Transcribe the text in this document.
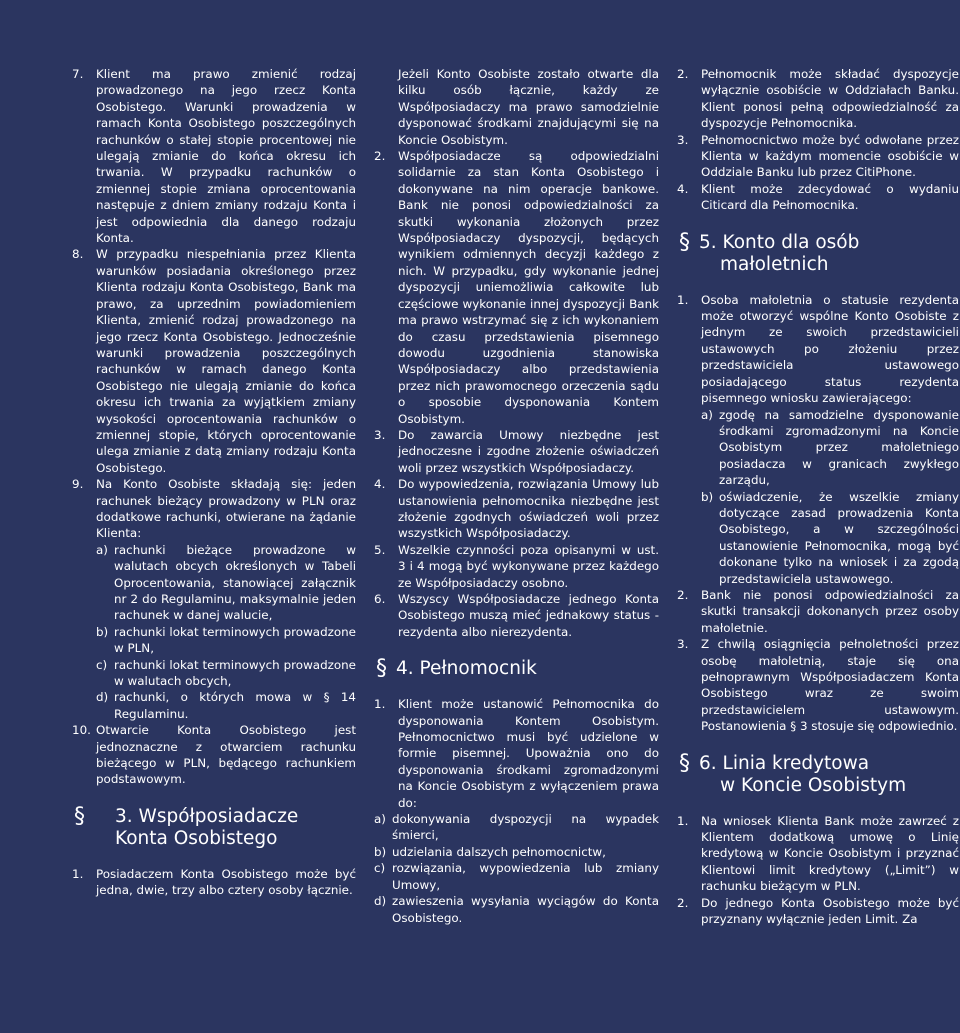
7. Klient ma prawo zmienić rodzaj prowadzonego na jego rzecz Konta Osobistego. Warunki prowadzenia w ramach Konta Osobistego poszczególnych rachunków o stałej stopie procentowej nie ulegają zmianie do końca okresu ich trwania. W przypadku rachunków o zmiennej stopie zmiana oprocentowania następuje z dniem zmiany rodzaju Konta i jest odpowiednia dla danego rodzaju Konta.
8. W przypadku niespełniania przez Klienta warunków posiadania określonego przez Klienta rodzaju Konta Osobistego, Bank ma prawo, za uprzednim powiadomieniem Klienta, zmienić rodzaj prowadzonego na jego rzecz Konta Osobistego. Jednocześnie warunki prowadzenia poszczególnych rachunków w ramach danego Konta Osobistego nie ulegają zmianie do końca okresu ich trwania za wyjątkiem zmiany wysokości oprocentowania rachunków o zmiennej stopie, których oprocentowanie ulega zmianie z datą zmiany rodzaju Konta Osobistego.
9. Na Konto Osobiste składają się: jeden rachunek bieżący prowadzony w PLN oraz dodatkowe rachunki, otwierane na żądanie Klienta:
a) rachunki bieżące prowadzone w walutach obcych określonych w Tabeli Oprocentowania, stanowiącej załącznik nr 2 do Regulaminu, maksymalnie jeden rachunek w danej walucie,
b) rachunki lokat terminowych prowadzone w PLN,
c) rachunki lokat terminowych prowadzone w walutach obcych,
d) rachunki, o których mowa w § 14 Regulaminu.
10. Otwarcie Konta Osobistego jest jednoznaczne z otwarciem rachunku bieżącego w PLN, będącego rachunkiem podstawowym.
§ 3. Współposiadacze
Konta Osobistego
1. Posiadaczem Konta Osobistego może być jedna, dwie, trzy albo cztery osoby łącznie.
Jeżeli Konto Osobiste zostało otwarte dla kilku osób łącznie, każdy ze Współposiadaczy ma prawo samodzielnie dysponować środkami znajdującymi się na Koncie Osobistym.
2. Współposiadacze są odpowiedzialni solidarnie za stan Konta Osobistego i dokonywane na nim operacje bankowe. Bank nie ponosi odpowiedzialności za skutki wykonania złożonych przez Współposiadaczy dyspozycji, będących wynikiem odmiennych decyzji każdego z nich. W przypadku, gdy wykonanie jednej dyspozycji uniemożliwia całkowite lub częściowe wykonanie innej dyspozycji Bank ma prawo wstrzymać się z ich wykonaniem do czasu przedstawienia pisemnego dowodu uzgodnienia stanowiska Współposiadaczy albo przedstawienia przez nich prawomocnego orzeczenia sądu o sposobie dysponowania Kontem Osobistym.
3. Do zawarcia Umowy niezbędne jest jednoczesne i zgodne złożenie oświadczeń woli przez wszystkich Współposiadaczy.
4. Do wypowiedzenia, rozwiązania Umowy lub ustanowienia pełnomocnika niezbędne jest złożenie zgodnych oświadczeń woli przez wszystkich Współposiadaczy.
5. Wszelkie czynności poza opisanymi w ust. 3 i 4 mogą być wykonywane przez każdego ze Współposiadaczy osobno.
6. Wszyscy Współposiadacze jednego Konta Osobistego muszą mieć jednakowy status - rezydenta albo nierezydenta.
§ 4. Pełnomocnik
1. Klient może ustanowić Pełnomocnika do dysponowania Kontem Osobistym. Pełnomocnictwo musi być udzielone w formie pisemnej. Upoważnia ono do dysponowania środkami zgromadzonymi na Koncie Osobistym z wyłączeniem prawa do:
a) dokonywania dyspozycji na wypadek śmierci,
b) udzielania dalszych pełnomocnictw,
c) rozwiązania, wypowiedzenia lub zmiany Umowy,
d) zawieszenia wysyłania wyciągów do Konta Osobistego.
2. Pełnomocnik może składać dyspozycje wyłącznie osobiście w Oddziałach Banku. Klient ponosi pełną odpowiedzialność za dyspozycje Pełnomocnika.
3. Pełnomocnictwo może być odwołane przez Klienta w każdym momencie osobiście w Oddziale Banku lub przez CitiPhone.
4. Klient może zdecydować o wydaniu Citicard dla Pełnomocnika.
§ 5. Konto dla osób
małoletnich
1. Osoba małoletnia o statusie rezydenta może otworzyć wspólne Konto Osobiste z jednym ze swoich przedstawicieli ustawowych po złożeniu przez przedstawiciela ustawowego posiadającego status rezydenta pisemnego wniosku zawierającego:
a) zgodę na samodzielne dysponowanie środkami zgromadzonymi na Koncie Osobistym przez małoletniego posiadacza w granicach zwykłego zarządu,
b) oświadczenie, że wszelkie zmiany dotyczące zasad prowadzenia Konta Osobistego, a w szczególności ustanowienie Pełnomocnika, mogą być dokonane tylko na wniosek i za zgodą przedstawiciela ustawowego.
2. Bank nie ponosi odpowiedzialności za skutki transakcji dokonanych przez osoby małoletnie.
3. Z chwilą osiągnięcia pełnoletności przez osobę małoletnią, staje się ona pełnoprawnym Współposiadaczem Konta Osobistego wraz ze swoim przedstawicielem ustawowym. Postanowienia § 3 stosuje się odpowiednio.
§ 6. Linia kredytowa
w Koncie Osobistym
1. Na wniosek Klienta Bank może zawrzeć z Klientem dodatkową umowę o Linię kredytową w Koncie Osobistym i przyznać Klientowi limit kredytowy („Limit”) w rachunku bieżącym w PLN.
2. Do jednego Konta Osobistego może być przyznany wyłącznie jeden Limit. Za
